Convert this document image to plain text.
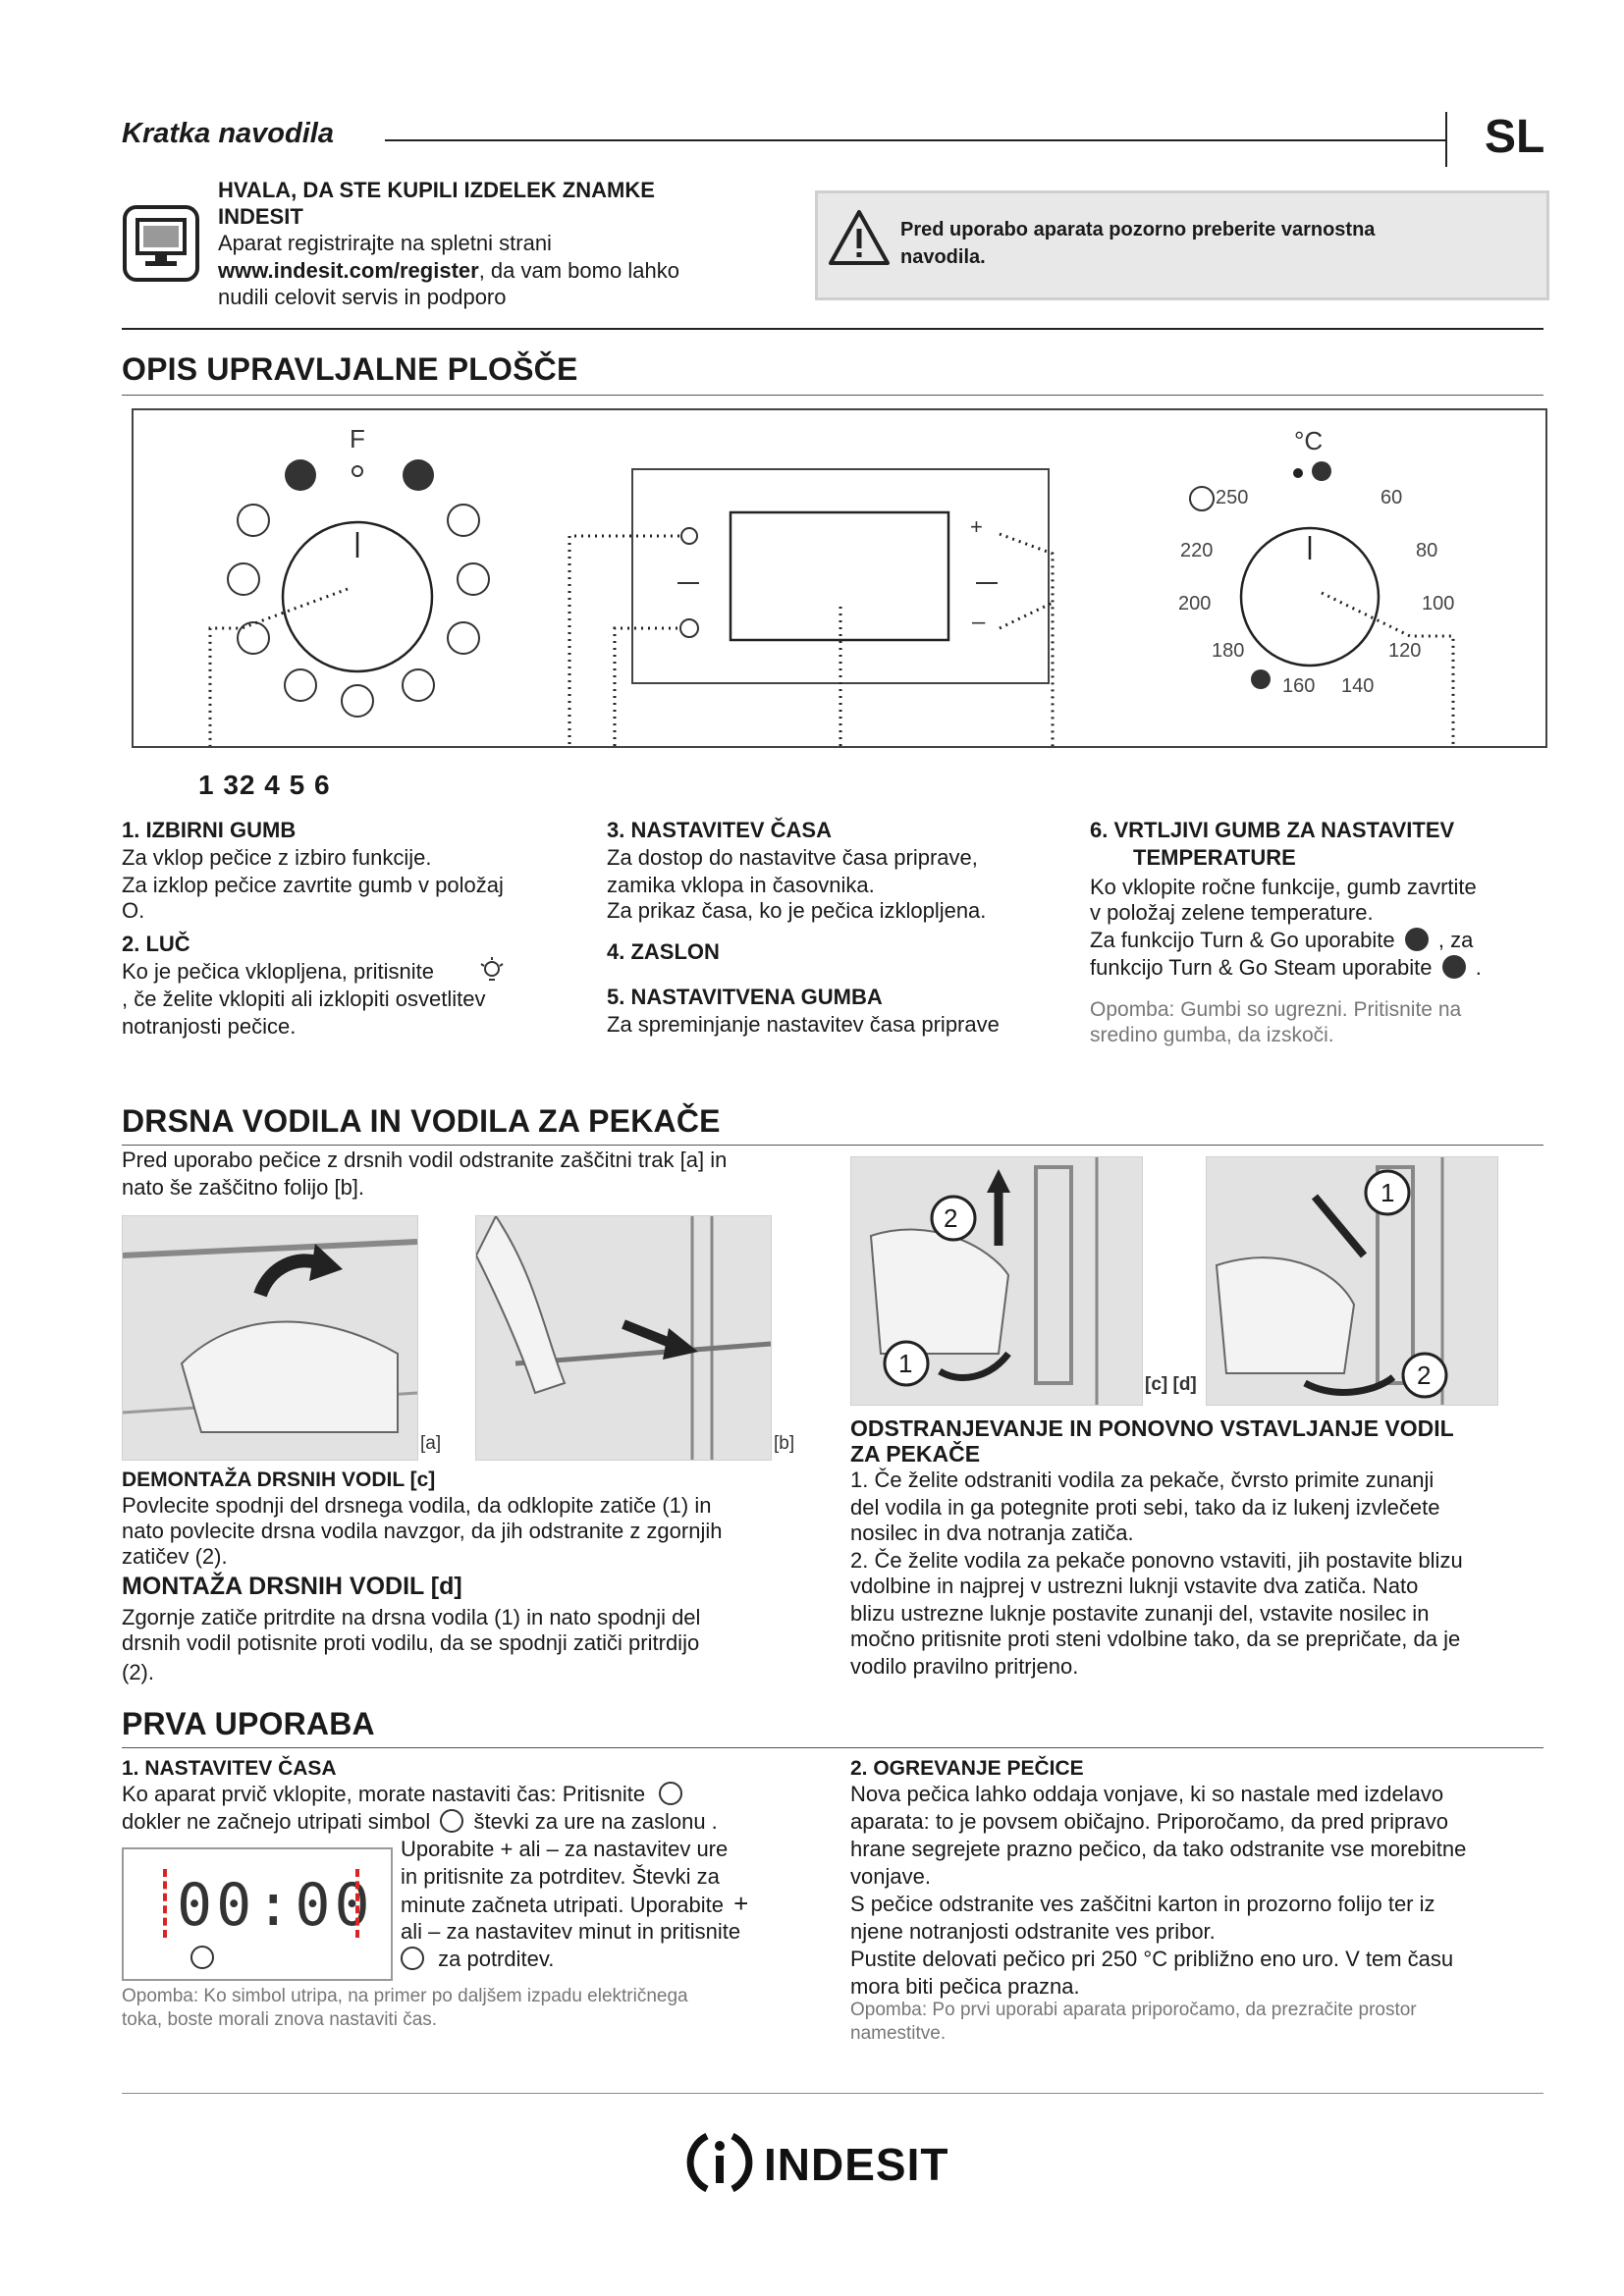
Kratka navodila	SL
HVALA, DA STE KUPILI IZDELEK ZNAMKE
INDESIT
Aparat registrirajte na spletni strani
www.indesit.com/register, da vam bomo lahko
nudili celovit servis in podporo
Pred uporabo aparata pozorno preberite varnostna
navodila.
OPIS UPRAVLJALNE PLOŠČE
F
+
–
°C
250	60
220	80
200	100
180	120
160 140
1 32 4 5 6
1. IZBIRNI GUMB
Za vklop pečice z izbiro funkcije.
Za izklop pečice zavrtite gumb v položaj
O.
2. LUČ
Ko je pečica vklopljena, pritisnite
, če želite vklopiti ali izklopiti osvetlitev
notranjosti pečice.
3. NASTAVITEV ČASA
Za dostop do nastavitve časa priprave,
zamika vklopa in časovnika.
Za prikaz časa, ko je pečica izklopljena.
4. ZASLON
5. NASTAVITVENA GUMBA
Za spreminjanje nastavitev časa priprave
6. VRTLJIVI GUMB ZA NASTAVITEV
TEMPERATURE
Ko vklopite ročne funkcije, gumb zavrtite
v položaj zelene temperature.
Za funkcijo Turn & Go uporabite , za
funkcijo Turn & Go Steam uporabite .
Opomba: Gumbi so ugrezni. Pritisnite na
sredino gumba, da izskoči.
DRSNA VODILA IN VODILA ZA PEKAČE
Pred uporabo pečice z drsnih vodil odstranite zaščitni trak [a] in
nato še zaščitno folijo [b].
[a]	[b]
DEMONTAŽA DRSNIH VODIL [c]
Povlecite spodnji del drsnega vodila, da odklopite zatiče (1) in
nato povlecite drsna vodila navzgor, da jih odstranite z zgornjih
zatičev (2).
MONTAŽA DRSNIH VODIL [d]
Zgornje zatiče pritrdite na drsna vodila (1) in nato spodnji del
drsnih vodil potisnite proti vodilu, da se spodnji zatiči pritrdijo
(2).
2
1
1
2
[c] [d]
ODSTRANJEVANJE IN PONOVNO VSTAVLJANJE VODIL
ZA PEKAČE
1. Če želite odstraniti vodila za pekače, čvrsto primite zunanji
del vodila in ga potegnite proti sebi, tako da iz lukenj izvlečete
nosilec in dva notranja zatiča.
2. Če želite vodila za pekače ponovno vstaviti, jih postavite blizu
vdolbine in najprej v ustrezni luknji vstavite dva zatiča. Nato
blizu ustrezne luknje postavite zunanji del, vstavite nosilec in
močno pritisnite proti steni vdolbine tako, da se prepričate, da je
vodilo pravilno pritrjeno.
PRVA UPORABA
1. NASTAVITEV ČASA
Ko aparat prvič vklopite, morate nastaviti čas: Pritisnite
dokler ne začnejo utripati simbol števki za ure na zaslonu .
00:00
Uporabite + ali – za nastavitev ure
in pritisnite za potrditev. Števki za
minute začneta utripati. Uporabite +
ali – za nastavitev minut in pritisnite
za potrditev.
Opomba: Ko simbol utripa, na primer po daljšem izpadu električnega
toka, boste morali znova nastaviti čas.
2. OGREVANJE PEČICE
Nova pečica lahko oddaja vonjave, ki so nastale med izdelavo
aparata: to je povsem običajno. Priporočamo, da pred pripravo
hrane segrejete prazno pečico, da tako odstranite vse morebitne
vonjave.
S pečice odstranite ves zaščitni karton in prozorno folijo ter iz
njene notranjosti odstranite ves pribor.
Pustite delovati pečico pri 250 °C približno eno uro. V tem času
mora biti pečica prazna.
Opomba: Po prvi uporabi aparata priporočamo, da prezračite prostor
namestitve.
INDESIT
